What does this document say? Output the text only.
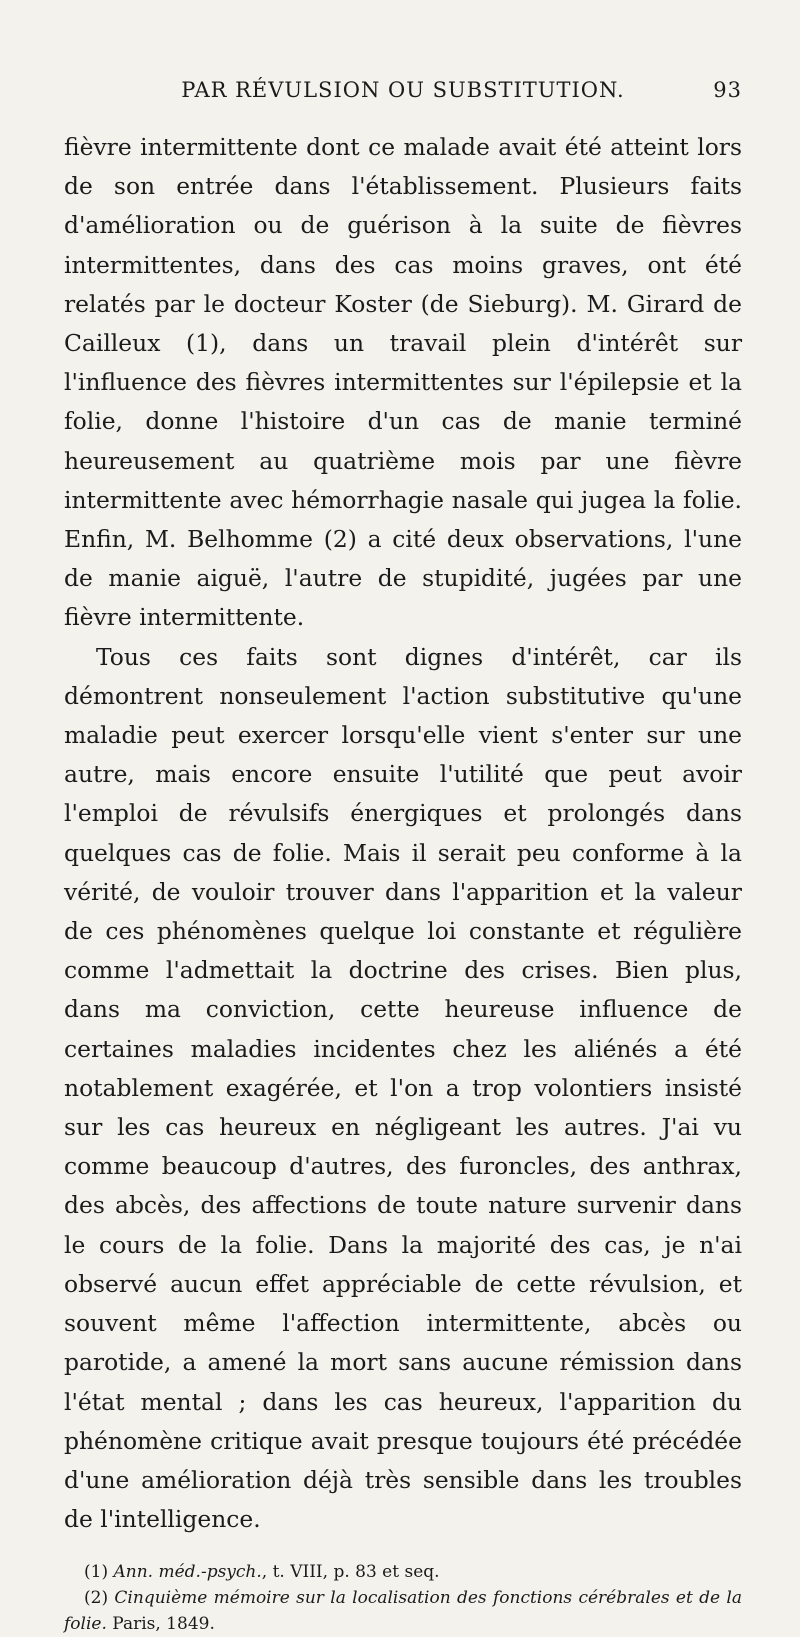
PAR RÉVULSION OU SUBSTITUTION.	93

fièvre intermittente dont ce malade avait été atteint lors de son entrée dans l'établissement. Plusieurs faits d'amélioration ou de guérison à la suite de fièvres intermittentes, dans des cas moins graves, ont été relatés par le docteur Koster (de Sieburg). M. Girard de Cailleux (1), dans un travail plein d'intérêt sur l'influence des fièvres intermittentes sur l'épilepsie et la folie, donne l'histoire d'un cas de manie terminé heureusement au quatrième mois par une fièvre intermittente avec hémorrhagie nasale qui jugea la folie. Enfin, M. Belhomme (2) a cité deux observations, l'une de manie aiguë, l'autre de stupidité, jugées par une fièvre intermittente.

Tous ces faits sont dignes d'intérêt, car ils démontrent nonseulement l'action substitutive qu'une maladie peut exercer lorsqu'elle vient s'enter sur une autre, mais encore ensuite l'utilité que peut avoir l'emploi de révulsifs énergiques et prolongés dans quelques cas de folie. Mais il serait peu conforme à la vérité, de vouloir trouver dans l'apparition et la valeur de ces phénomènes quelque loi constante et régulière comme l'admettait la doctrine des crises. Bien plus, dans ma conviction, cette heureuse influence de certaines maladies incidentes chez les aliénés a été notablement exagérée, et l'on a trop volontiers insisté sur les cas heureux en négligeant les autres. J'ai vu comme beaucoup d'autres, des furoncles, des anthrax, des abcès, des affections de toute nature survenir dans le cours de la folie. Dans la majorité des cas, je n'ai observé aucun effet appréciable de cette révulsion, et souvent même l'affection intermittente, abcès ou parotide, a amené la mort sans aucune rémission dans l'état mental ; dans les cas heureux, l'apparition du phénomène critique avait presque toujours été précédée d'une amélioration déjà très sensible dans les troubles de l'intelligence.

(1) Ann. méd.-psych., t. VIII, p. 83 et seq.

(2) Cinquième mémoire sur la localisation des fonctions cérébrales et de la folie. Paris, 1849.
